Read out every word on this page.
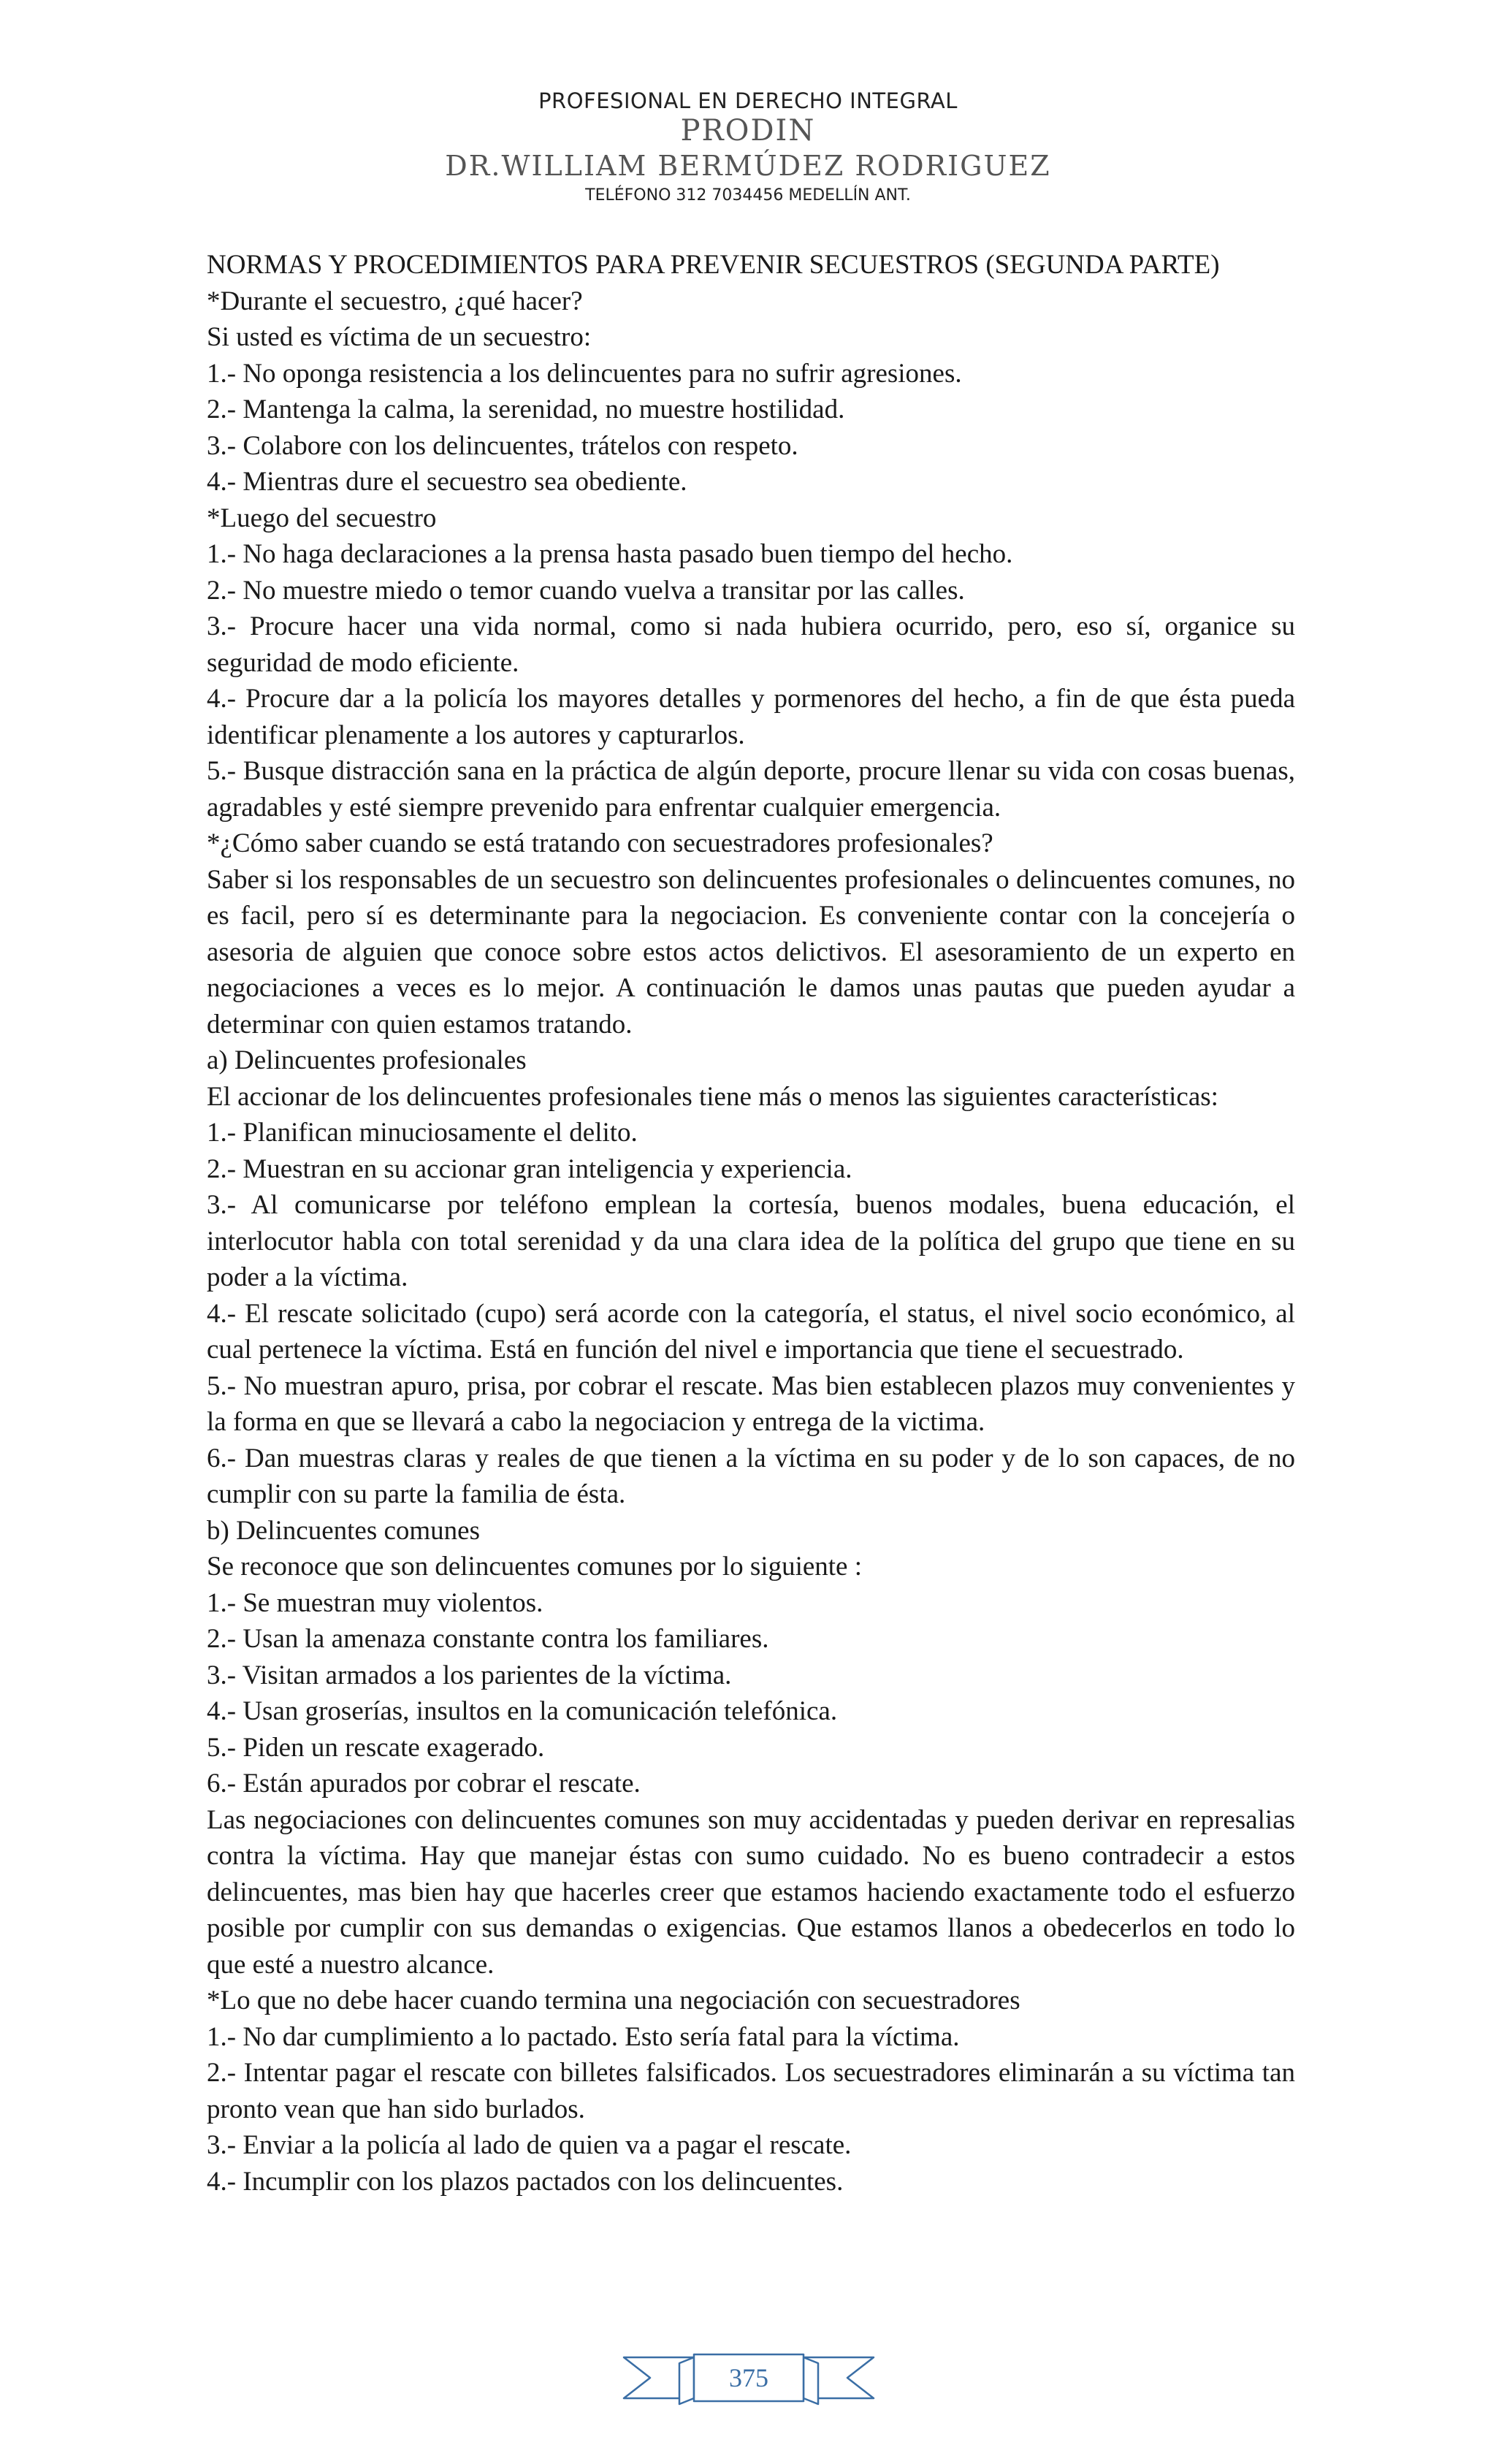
PROFESIONAL EN DERECHO INTEGRAL
PRODIN
DR.WILLIAM BERMÚDEZ RODRIGUEZ
TELÉFONO 312 7034456 MEDELLÍN ANT.

NORMAS Y PROCEDIMIENTOS PARA PREVENIR SECUESTROS (SEGUNDA PARTE)

*Durante el secuestro, ¿qué hacer?

Si usted es víctima de un secuestro:

1.- No oponga resistencia a los delincuentes para no sufrir agresiones.

2.- Mantenga la calma, la serenidad, no muestre hostilidad.

3.- Colabore con los delincuentes, trátelos con respeto.

4.- Mientras dure el secuestro sea obediente.

*Luego del secuestro

1.- No haga declaraciones a la prensa hasta pasado buen tiempo del hecho.

2.- No muestre miedo o temor cuando vuelva a transitar por las calles.

3.- Procure hacer una vida normal, como si nada hubiera ocurrido, pero, eso sí, organice su seguridad de modo eficiente.

4.- Procure dar a la policía los mayores detalles y pormenores del hecho, a fin de que ésta pueda identificar plenamente a los autores y capturarlos.

5.- Busque distracción sana en la práctica de algún deporte, procure llenar su vida con cosas buenas, agradables y esté siempre prevenido para enfrentar cualquier emergencia.

*¿Cómo saber cuando se está tratando con secuestradores profesionales?

Saber si los responsables de un secuestro son delincuentes profesionales o delincuentes comunes, no es facil, pero sí es determinante para la negociacion. Es conveniente contar con la concejería o asesoria de alguien que conoce sobre estos actos delictivos. El asesoramiento de un experto en negociaciones a veces es lo mejor. A continuación le damos unas pautas que pueden ayudar a determinar con quien estamos tratando.

a) Delincuentes profesionales

El accionar de los delincuentes profesionales tiene más o menos las siguientes características:

1.- Planifican minuciosamente el delito.

2.- Muestran en su accionar gran inteligencia y experiencia.

3.- Al comunicarse por teléfono emplean la cortesía, buenos modales, buena educación, el interlocutor habla con total serenidad y da una clara idea de la política del grupo que tiene en su poder a la víctima.

4.- El rescate solicitado (cupo) será acorde con la categoría, el status, el nivel socio económico, al cual pertenece la víctima. Está en función del nivel e importancia que tiene el secuestrado.

5.- No muestran apuro, prisa, por cobrar el rescate. Mas bien establecen plazos muy convenientes y la forma en que se llevará a cabo la negociacion y entrega de la victima.

6.- Dan muestras claras y reales de que tienen a la víctima en su poder y de lo son capaces, de no cumplir con su parte la familia de ésta.

b) Delincuentes comunes

Se reconoce que son delincuentes comunes por lo siguiente :

1.- Se muestran muy violentos.

2.- Usan la amenaza constante contra los familiares.

3.- Visitan armados a los parientes de la víctima.

4.- Usan groserías, insultos en la comunicación telefónica.

5.- Piden un rescate exagerado.

6.- Están apurados por cobrar el rescate.

Las negociaciones con delincuentes comunes son muy accidentadas y pueden derivar en represalias contra la víctima. Hay que manejar éstas con sumo cuidado. No es bueno contradecir a estos delincuentes, mas bien hay que hacerles creer que estamos haciendo exactamente todo el esfuerzo posible por cumplir con sus demandas o exigencias. Que estamos llanos a obedecerlos en todo lo que esté a nuestro alcance.

*Lo que no debe hacer cuando termina una negociación con secuestradores

1.- No dar cumplimiento a lo pactado. Esto sería fatal para la víctima.

2.- Intentar pagar el rescate con billetes falsificados. Los secuestradores eliminarán a su víctima tan pronto vean que han sido burlados.

3.- Enviar a la policía al lado de quien va a pagar el rescate.

4.- Incumplir con los plazos pactados con los delincuentes.

375
